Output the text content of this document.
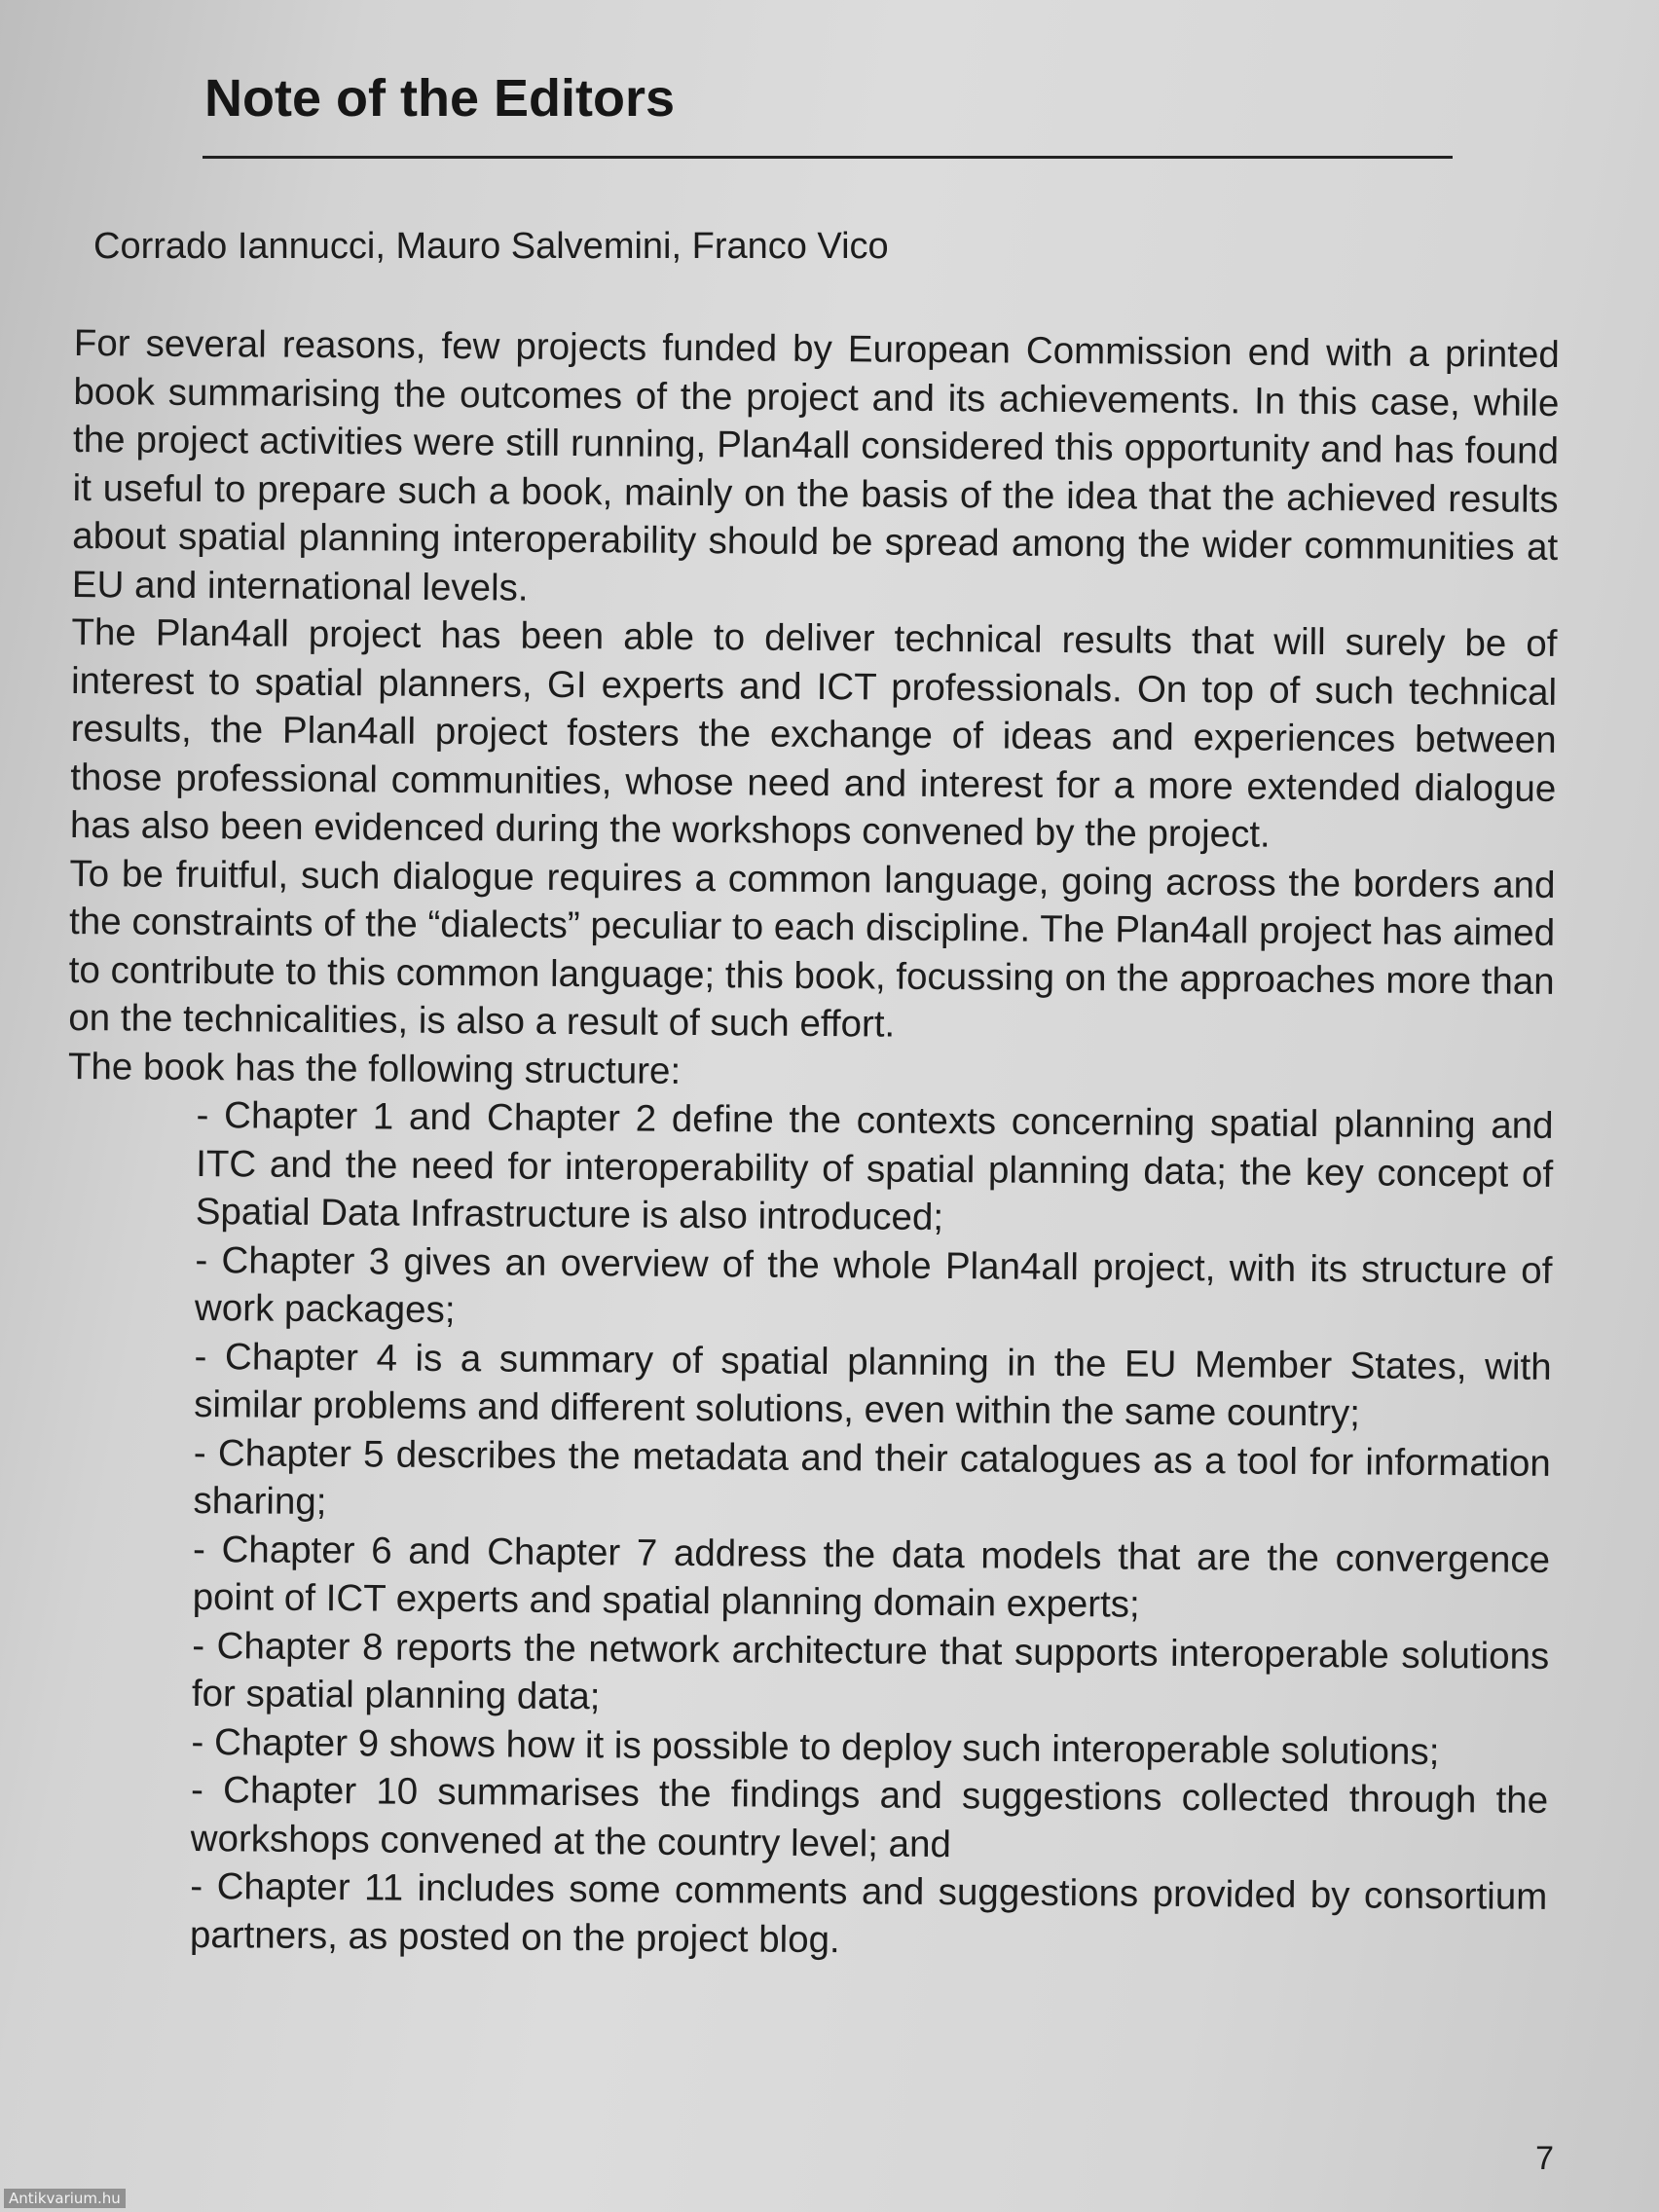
Note of the Editors

Corrado Iannucci, Mauro Salvemini, Franco Vico

For several reasons, few projects funded by European Commission end with a printed book summarising the outcomes of the project and its achievements. In this case, while the project activities were still running, Plan4all considered this opportunity and has found it useful to prepare such a book, mainly on the basis of the idea that the achieved results about spatial planning interoperability should be spread among the wider communities at EU and international levels.

The Plan4all project has been able to deliver technical results that will surely be of interest to spatial planners, GI experts and ICT professionals. On top of such technical results, the Plan4all project fosters the exchange of ideas and experiences between those professional communities, whose need and interest for a more extended dialogue has also been evidenced during the workshops convened by the project.

To be fruitful, such dialogue requires a common language, going across the borders and the constraints of the “dialects” peculiar to each discipline. The Plan4all project has aimed to contribute to this common language; this book, focussing on the approaches more than on the technicalities, is also a result of such effort.

The book has the following structure:

- Chapter 1 and Chapter 2 define the contexts concerning spatial planning and ITC and the need for interoperability of spatial planning data; the key concept of Spatial Data Infrastructure is also introduced;
- Chapter 3 gives an overview of the whole Plan4all project, with its structure of work packages;
- Chapter 4 is a summary of spatial planning in the EU Member States, with similar problems and different solutions, even within the same country;
- Chapter 5 describes the metadata and their catalogues as a tool for information sharing;
- Chapter 6 and Chapter 7 address the data models that are the convergence point of ICT experts and spatial planning domain experts;
- Chapter 8 reports the network architecture that supports interoperable solutions for spatial planning data;
- Chapter 9 shows how it is possible to deploy such interoperable solutions;
- Chapter 10 summarises the findings and suggestions collected through the workshops convened at the country level; and
- Chapter 11 includes some comments and suggestions provided by consortium partners, as posted on the project blog.

7

Antikvarium.hu
